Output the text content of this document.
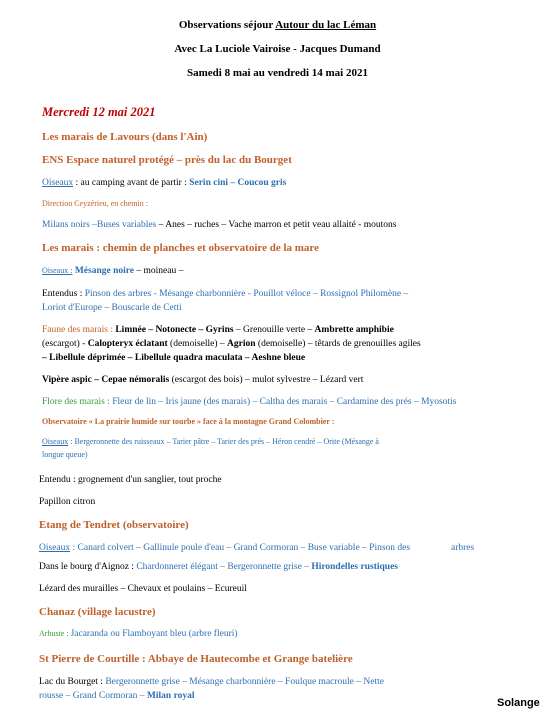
Observations séjour Autour du lac Léman
Avec La Luciole Vairoise - Jacques Dumand
Samedi 8 mai au vendredi 14 mai 2021
Mercredi 12 mai 2021
Les marais de Lavours (dans l'Ain)
ENS Espace naturel protégé – près du lac du Bourget
Oiseaux : au camping avant de partir : Serin cini – Coucou gris
Direction Ceyzérieu, en chemin :
Milans noirs –Buses variables – Anes – ruches – Vache marron et petit veau allaité - moutons
Les marais : chemin de planches et observatoire de la mare
Oiseaux : Mésange noire – moineau –
Entendus : Pinson des arbres - Mésange charbonnière - Pouillot véloce – Rossignol Philomène –
Loriot d'Europe – Bouscarle de Cetti
Faune des marais : Limnée – Notonecte – Gyrins – Grenouille verte – Ambrette amphibie
(escargot) - Calopteryx éclatant (demoiselle) – Agrion (demoiselle) – têtards de grenouilles agiles
– Libellule déprimée – Libellule quadra maculata – Aeshne bleue
Vipère aspic – Cepae némoralis (escargot des bois) – mulot sylvestre – Lézard vert
Flore des marais : Fleur de lin – Iris jaune (des marais) – Caltha des marais – Cardamine des prés – Myosotis
Observatoire « La prairie humide sur tourbe » face à la montagne Grand Colombier :
Oiseaux : Bergeronnette des ruisseaux – Tarier pâtre – Tarier des prés – Héron cendré – Orite (Mésange à
longue queue)
Entendu : grognement d'un sanglier, tout proche
Papillon citron
Etang de Tendret (observatoire)
Oiseaux : Canard colvert – Gallinule poule d'eau – Grand Cormoran – Buse variable – Pinson des	arbres
Dans le bourg d'Aignoz : Chardonneret élégant – Bergeronnette grise – Hirondelles rustiques
Lézard des murailles – Chevaux et poulains – Ecureuil
Chanaz (village lacustre)
Arbuste : Jacaranda ou Flamboyant bleu (arbre fleuri)
St Pierre de Courtille : Abbaye de Hautecombe et Grange batelière
Lac du Bourget : Bergeronnette grise – Mésange charbonnière – Foulque macroule – Nette
rousse – Grand Cormoran – Milan royal
Solange
